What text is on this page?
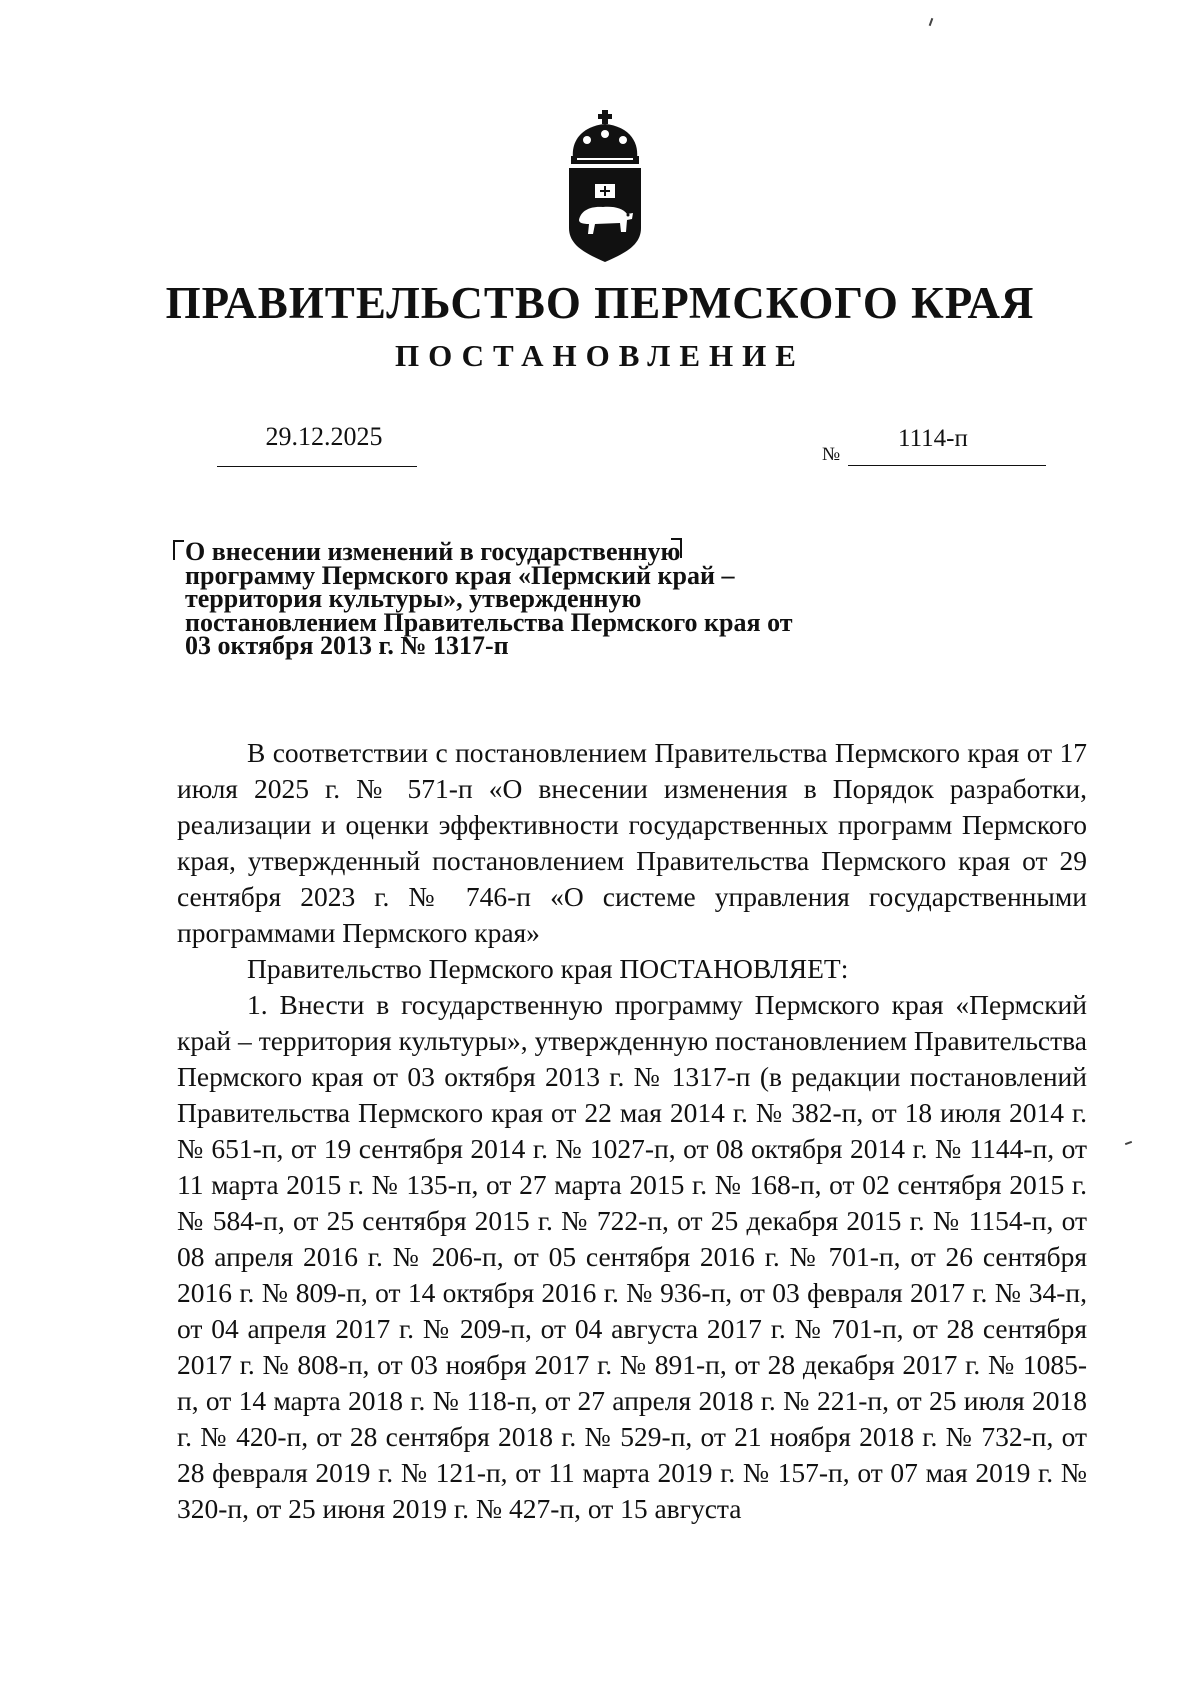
ПРАВИТЕЛЬСТВО ПЕРМСКОГО КРАЯ
ПОСТАНОВЛЕНИЕ
29.12.2025
№
1114-п
О внесении изменений в государственную программу Пермского края «Пермский край – территория культуры», утвержденную постановлением Правительства Пермского края от 03 октября 2013 г. № 1317-п

В соответствии с постановлением Правительства Пермского края от 17 июля 2025 г. № 571-п «О внесении изменения в Порядок разработки, реализации и оценки эффективности государственных программ Пермского края, утвержденный постановлением Правительства Пермского края от 29 сентября 2023 г. № 746-п «О системе управления государственными программами Пермского края»

Правительство Пермского края ПОСТАНОВЛЯЕТ:

1. Внести в государственную программу Пермского края «Пермский край – территория культуры», утвержденную постановлением Правительства Пермского края от 03 октября 2013 г. № 1317-п (в редакции постановлений Правительства Пермского края от 22 мая 2014 г. № 382-п, от 18 июля 2014 г. № 651-п, от 19 сентября 2014 г. № 1027-п, от 08 октября 2014 г. № 1144-п, от 11 марта 2015 г. № 135-п, от 27 марта 2015 г. № 168-п, от 02 сентября 2015 г. № 584-п, от 25 сентября 2015 г. № 722-п, от 25 декабря 2015 г. № 1154-п, от 08 апреля 2016 г. № 206-п, от 05 сентября 2016 г. № 701-п, от 26 сентября 2016 г. № 809-п, от 14 октября 2016 г. № 936-п, от 03 февраля 2017 г. № 34-п, от 04 апреля 2017 г. № 209-п, от 04 августа 2017 г. № 701-п, от 28 сентября 2017 г. № 808-п, от 03 ноября 2017 г. № 891-п, от 28 декабря 2017 г. № 1085-п, от 14 марта 2018 г. № 118-п, от 27 апреля 2018 г. № 221-п, от 25 июля 2018 г. № 420-п, от 28 сентября 2018 г. № 529-п, от 21 ноября 2018 г. № 732-п, от 28 февраля 2019 г. № 121-п, от 11 марта 2019 г. № 157-п, от 07 мая 2019 г. № 320-п, от 25 июня 2019 г. № 427-п, от 15 августа
